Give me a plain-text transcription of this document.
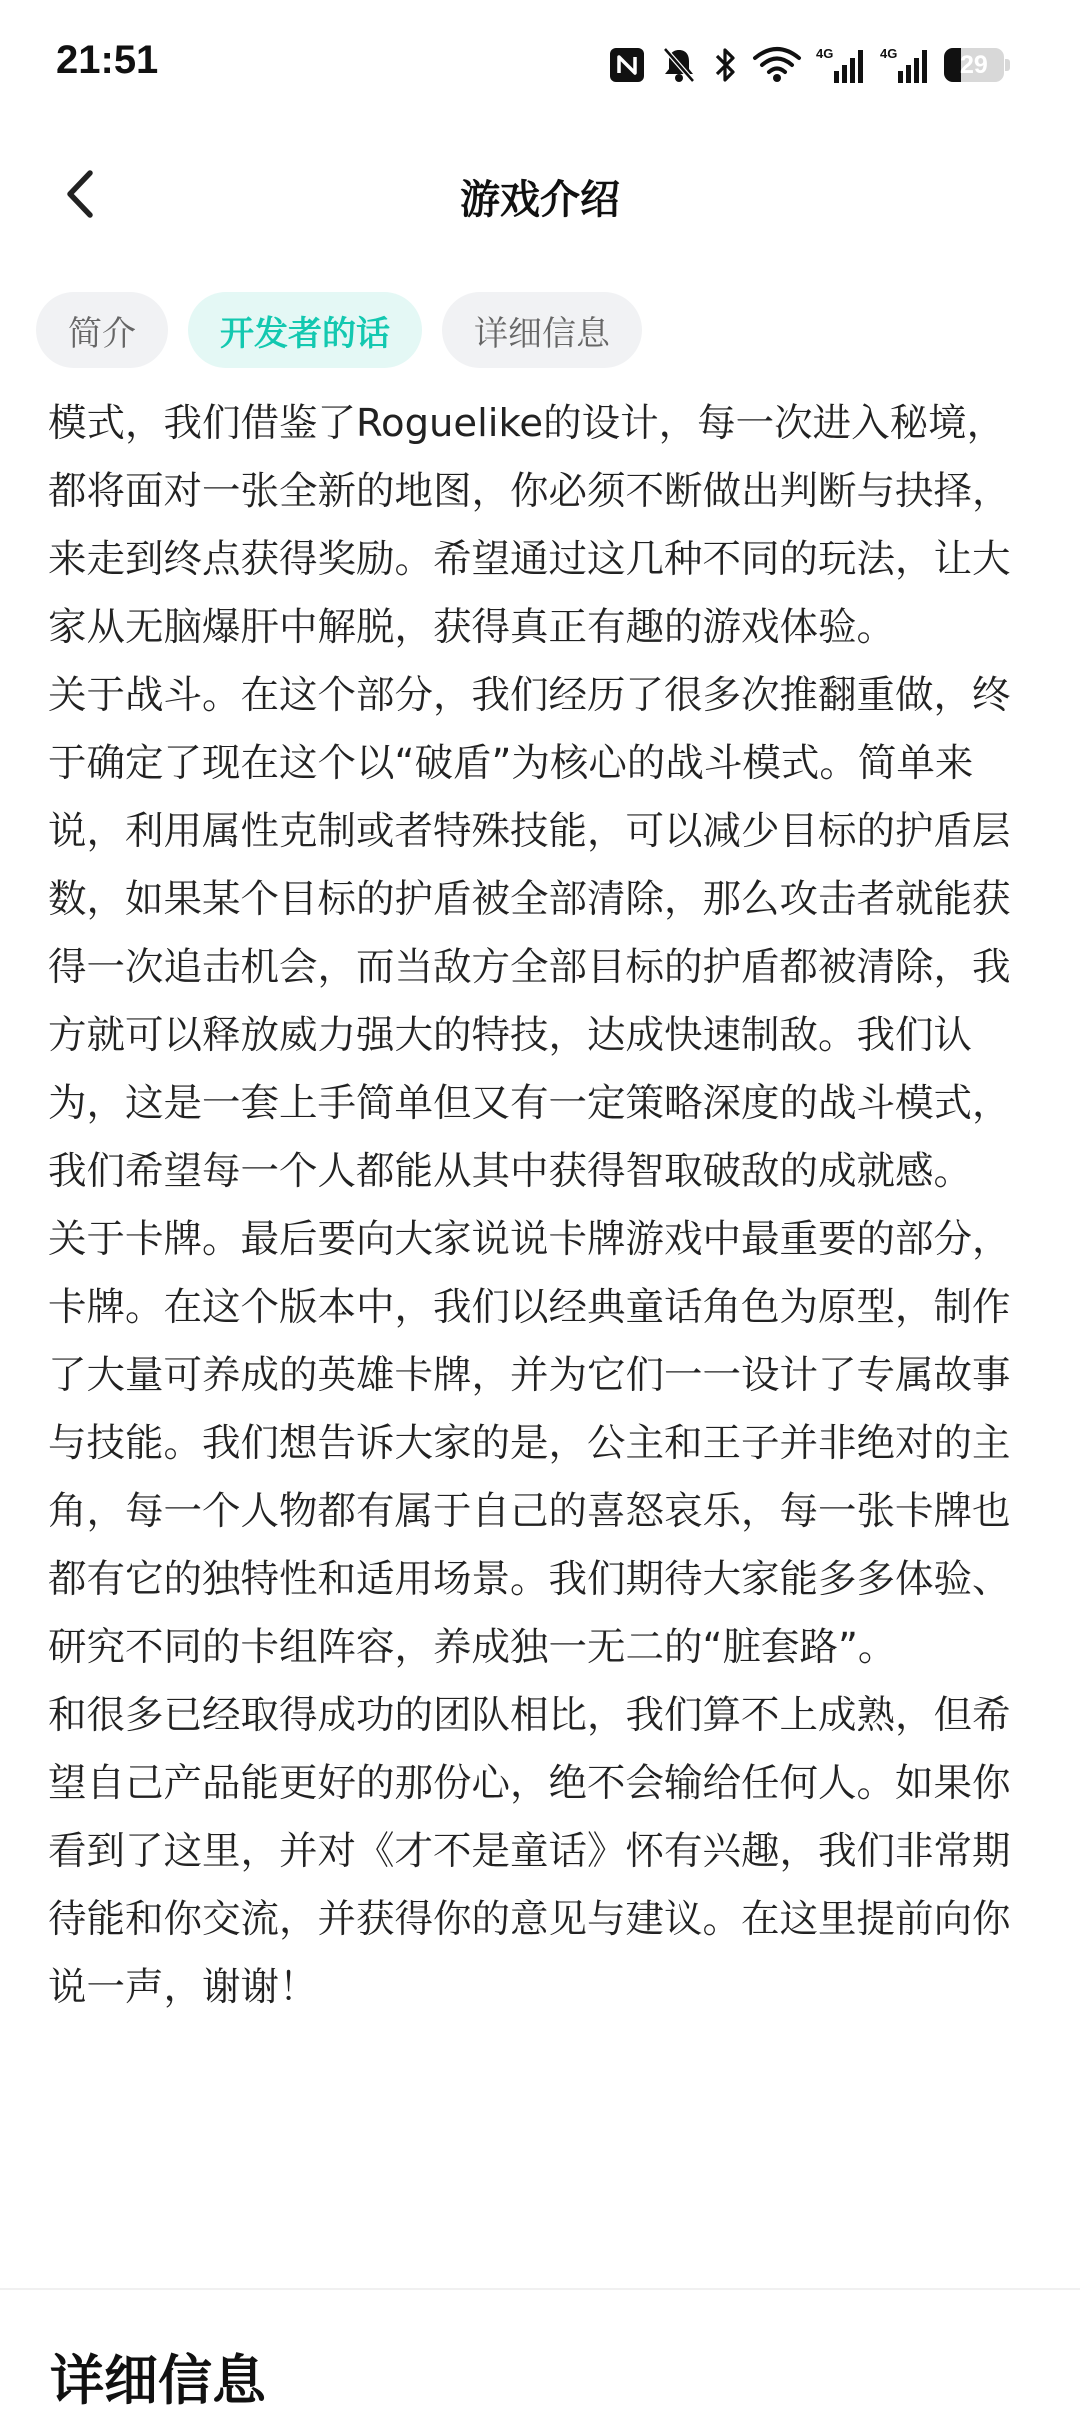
21:51	4G	4G	29
游戏介绍
简介	开发者的话	详细信息

模式，我们借鉴了Roguelike的设计，每一次进入秘境，都将面对一张全新的地图，你必须不断做出判断与抉择，来走到终点获得奖励。希望通过这几种不同的玩法，让大家从无脑爆肝中解脱，获得真正有趣的游戏体验。

关于战斗。在这个部分，我们经历了很多次推翻重做，终于确定了现在这个以“破盾”为核心的战斗模式。简单来说，利用属性克制或者特殊技能，可以减少目标的护盾层数，如果某个目标的护盾被全部清除，那么攻击者就能获得一次追击机会，而当敌方全部目标的护盾都被清除，我方就可以释放威力强大的特技，达成快速制敌。我们认为，这是一套上手简单但又有一定策略深度的战斗模式，我们希望每一个人都能从其中获得智取破敌的成就感。

关于卡牌。最后要向大家说说卡牌游戏中最重要的部分，卡牌。在这个版本中，我们以经典童话角色为原型，制作了大量可养成的英雄卡牌，并为它们一一设计了专属故事与技能。我们想告诉大家的是，公主和王子并非绝对的主角，每一个人物都有属于自己的喜怒哀乐，每一张卡牌也都有它的独特性和适用场景。我们期待大家能多多体验、研究不同的卡组阵容，养成独一无二的“脏套路”。

和很多已经取得成功的团队相比，我们算不上成熟，但希望自己产品能更好的那份心，绝不会输给任何人。如果你看到了这里，并对《才不是童话》怀有兴趣，我们非常期待能和你交流，并获得你的意见与建议。在这里提前向你说一声，谢谢！

详细信息
